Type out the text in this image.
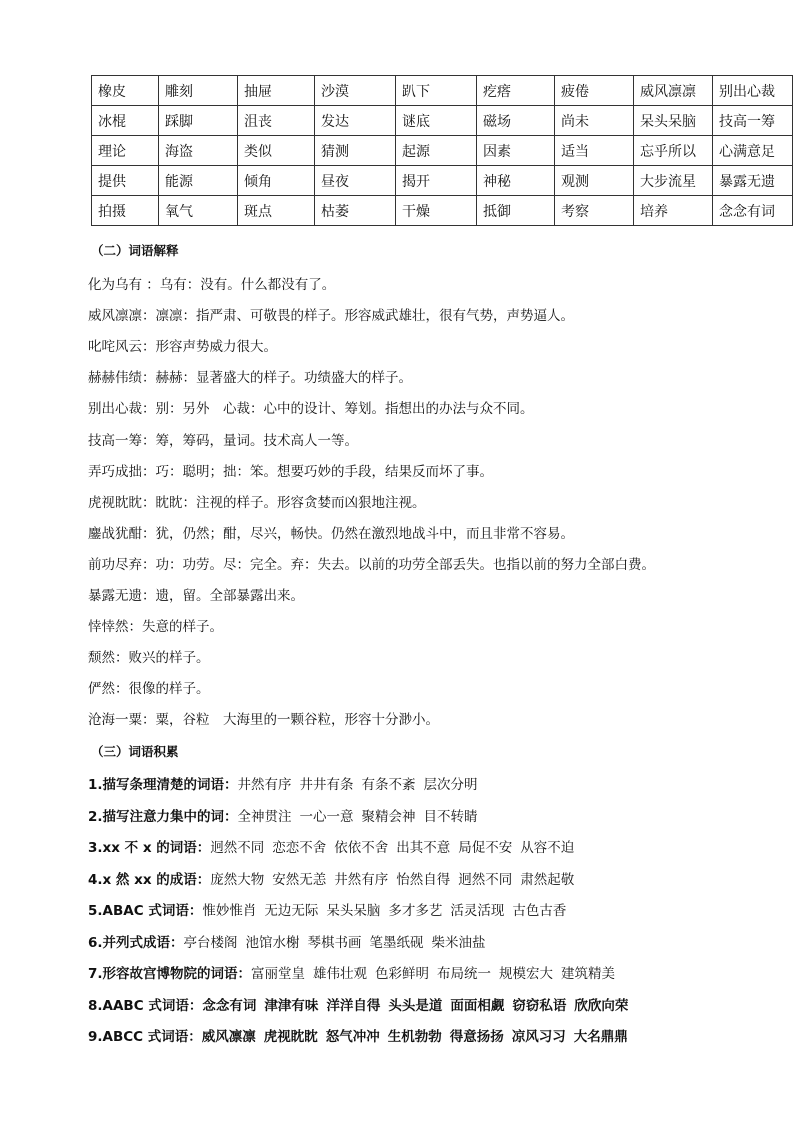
橡皮	雕刻	抽屉	沙漠	趴下	疙瘩	疲倦	威风凛凛	别出心裁
冰棍	踩脚	沮丧	发达	谜底	磁场	尚未	呆头呆脑	技高一筹
理论	海盗	类似	猜测	起源	因素	适当	忘乎所以	心满意足
提供	能源	倾角	昼夜	揭开	神秘	观测	大步流星	暴露无遗
拍摄	氧气	斑点	枯萎	干燥	抵御	考察	培养	念念有词
（二）词语解释
化为乌有 ：乌有：没有。什么都没有了。
威风凛凛：凛凛：指严肃、可敬畏的样子。形容威武雄壮，很有气势，声势逼人。
叱咤风云：形容声势威力很大。
赫赫伟绩：赫赫：显著盛大的样子。功绩盛大的样子。
别出心裁：别：另外　心裁：心中的设计、筹划。指想出的办法与众不同。
技高一筹：筹，筹码，量词。技术高人一等。
弄巧成拙：巧：聪明；拙：笨。想要巧妙的手段，结果反而坏了事。
虎视眈眈：眈眈：注视的样子。形容贪婪而凶狠地注视。
鏖战犹酣：犹，仍然；酣，尽兴，畅快。仍然在激烈地战斗中，而且非常不容易。
前功尽弃：功：功劳。尽：完全。弃：失去。以前的功劳全部丢失。也指以前的努力全部白费。
暴露无遗：遗，留。全部暴露出来。
悻悻然：失意的样子。
颓然：败兴的样子。
俨然：很像的样子。
沧海一粟：粟，谷粒　大海里的一颗谷粒，形容十分渺小。
（三）词语积累
1.描写条理清楚的词语：井然有序 井井有条 有条不紊 层次分明
2.描写注意力集中的词：全神贯注 一心一意 聚精会神 目不转睛
3.xx 不 x 的词语：迥然不同 恋恋不舍 依依不舍 出其不意 局促不安 从容不迫
4.x 然 xx 的成语：庞然大物 安然无恙 井然有序 怡然自得 迥然不同 肃然起敬
5.ABAC 式词语：惟妙惟肖 无边无际 呆头呆脑 多才多艺 活灵活现 古色古香
6.并列式成语：亭台楼阁 池馆水榭 琴棋书画 笔墨纸砚 柴米油盐
7.形容故宫博物院的词语：富丽堂皇 雄伟壮观 色彩鲜明 布局统一 规模宏大 建筑精美
8.AABC 式词语：念念有词 津津有味 洋洋自得 头头是道 面面相觑 窃窃私语 欣欣向荣
9.ABCC 式词语：威风凛凛 虎视眈眈 怒气冲冲 生机勃勃 得意扬扬 凉风习习 大名鼎鼎
